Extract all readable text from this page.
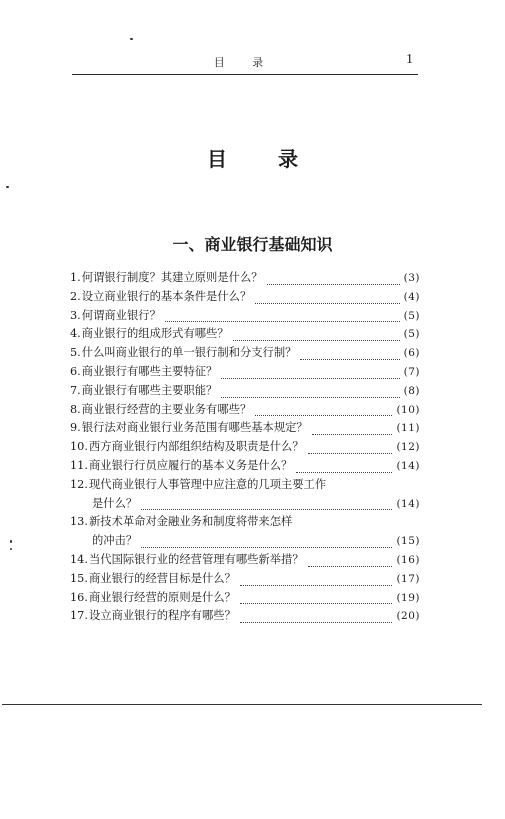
目 录	1
目 录
一、商业银行基础知识
1. 何谓银行制度？其建立原则是什么？	(3)
2. 设立商业银行的基本条件是什么？	(4)
3. 何谓商业银行？	(5)
4. 商业银行的组成形式有哪些？	(5)
5. 什么叫商业银行的单一银行制和分支行制？	(6)
6. 商业银行有哪些主要特征？	(7)
7. 商业银行有哪些主要职能？	(8)
8. 商业银行经营的主要业务有哪些？	(10)
9. 银行法对商业银行业务范围有哪些基本规定？	(11)
10. 西方商业银行内部组织结构及职责是什么？	(12)
11. 商业银行行员应履行的基本义务是什么？	(14)
12.现代商业银行人事管理中应注意的几项主要工作
是什么？	(14)
13.新技术革命对金融业务和制度将带来怎样
的冲击？	(15)
14. 当代国际银行业的经营管理有哪些新举措？	(16)
15. 商业银行的经营目标是什么？	(17)
16. 商业银行经营的原则是什么？	(19)
17. 设立商业银行的程序有哪些？	(20)
